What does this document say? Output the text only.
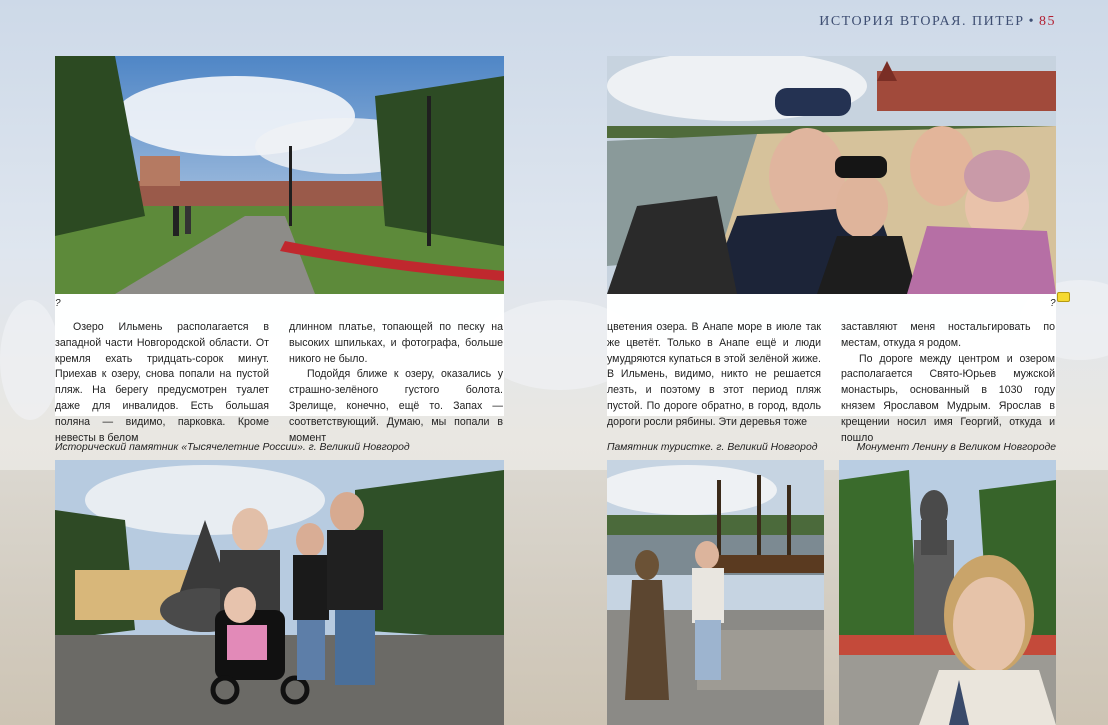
ИСТОРИЯ ВТОРАЯ. ПИТЕР • 85
?

Озеро Ильмень располагается в западной части Новгородской области. От кремля ехать тридцать-сорок минут. Приехав к озеру, снова попали на пустой пляж. На берегу предусмотрен туалет даже для инвалидов. Есть большая поляна — видимо, парковка. Кроме невесты в белом

длинном платье, топающей по песку на высоких шпильках, и фотографа, больше никого не было.

Подойдя ближе к озеру, оказались у страшно-зелёного густого болота. Зрелище, конечно, ещё то. Запах — соответствующий. Думаю, мы попали в момент

?

цветения озера. В Анапе море в июле так же цветёт. Только в Анапе ещё и люди умудряются купаться в этой зелёной жиже. В Ильмень, видимо, никто не решается лезть, и поэтому в этот период пляж пустой. По дороге обратно, в город, вдоль дороги росли рябины. Эти деревья тоже

заставляют меня ностальгировать по местам, откуда я родом.

По дороге между центром и озером располагается Свято-Юрьев мужской монастырь, основанный в 1030 году князем Ярославом Мудрым. Ярослав в крещении носил имя Георгий, откуда и пошло

Исторический памятник «Тысячелетние России». г. Великий Новгород	Памятник туристке. г. Великий Новгород	Монумент Ленину в Великом Новгороде
